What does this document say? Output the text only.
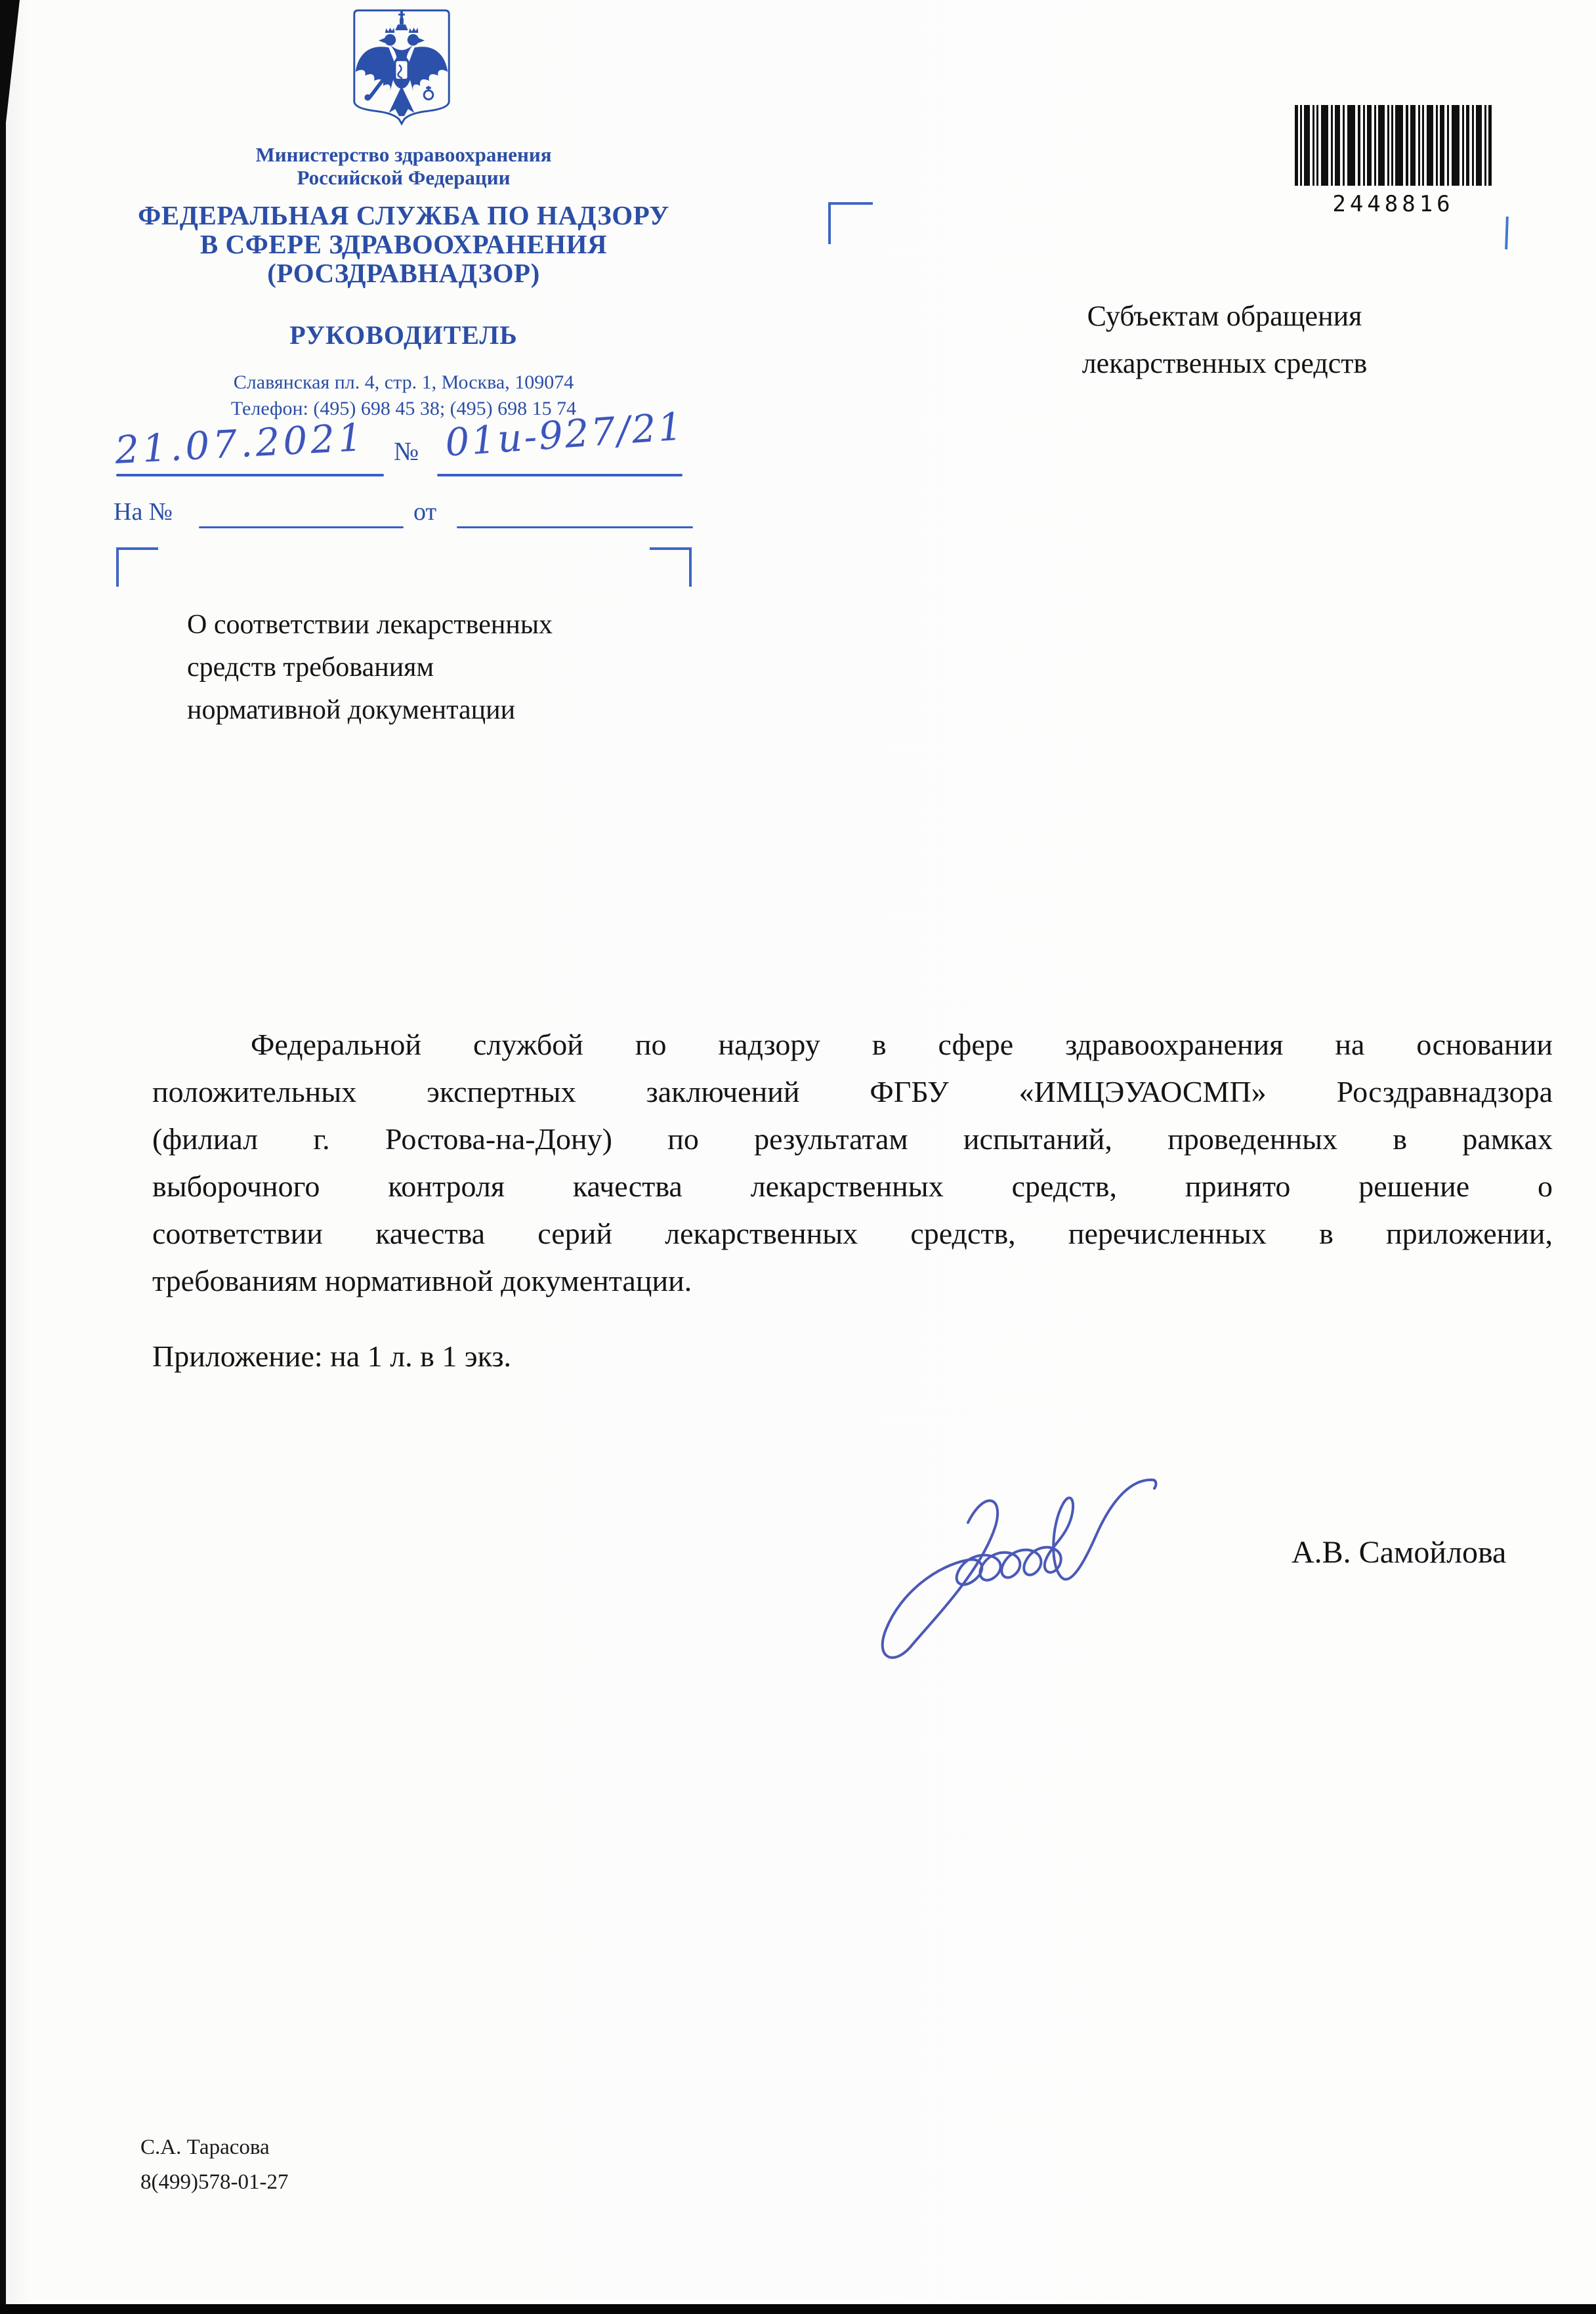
Министерство здравоохранения
Российской Федерации
ФЕДЕРАЛЬНАЯ СЛУЖБА ПО НАДЗОРУ
В СФЕРЕ ЗДРАВООХРАНЕНИЯ
(РОСЗДРАВНАДЗОР)
РУКОВОДИТЕЛЬ
Славянская пл. 4, стр. 1, Москва, 109074
Телефон: (495) 698 45 38; (495) 698 15 74
21.07.2021 № 01и-927/21
На №	от
О соответствии лекарственных
средств требованиям
нормативной документации
Субъектам обращения
лекарственных средств
2448816
Федеральной службой по надзору в сфере здравоохранения на основании
положительных экспертных заключений ФГБУ «ИМЦЭУАОСМП» Росздравнадзора
(филиал г. Ростова-на-Дону) по результатам испытаний, проведенных в рамках
выборочного контроля качества лекарственных средств, принято решение о
соответствии качества серий лекарственных средств, перечисленных в приложении,
требованиям нормативной документации.
Приложение: на 1 л. в 1 экз.
А.В. Самойлова
С.А. Тарасова
8(499)578-01-27
